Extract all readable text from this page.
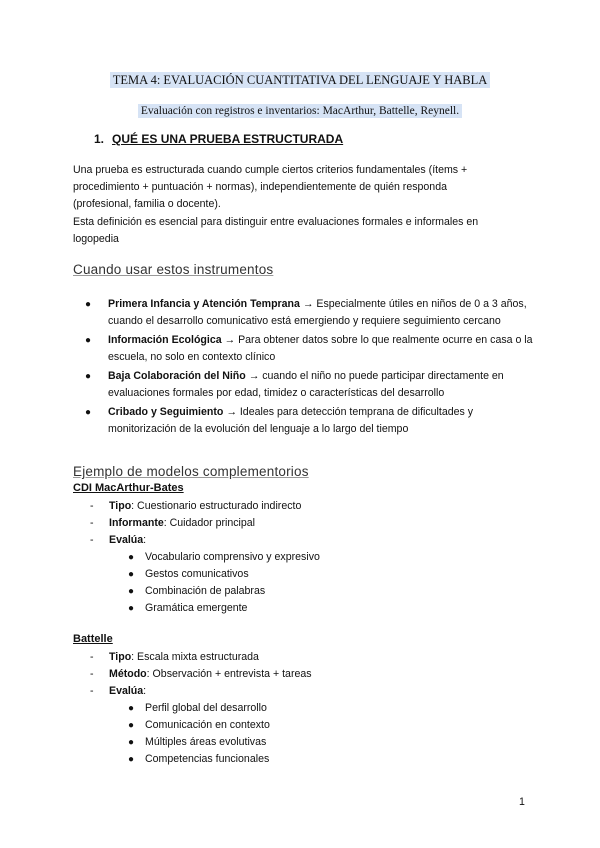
TEMA 4: EVALUACIÓN CUANTITATIVA DEL LENGUAJE Y HABLA
Evaluación con registros e inventarios: MacArthur, Battelle, Reynell.
1. QUÉ ES UNA PRUEBA ESTRUCTURADA

Una prueba es estructurada cuando cumple ciertos criterios fundamentales (ítems +
procedimiento + puntuación + normas), independientemente de quién responda
(profesional, familia o docente).
Esta definición es esencial para distinguir entre evaluaciones formales e informales en
logopedia

Cuando usar estos instrumentos
● Primera Infancia y Atención Temprana → Especialmente útiles en niños de 0 a 3 años, cuando el desarrollo comunicativo está emergiendo y requiere seguimiento cercano
● Información Ecológica → Para obtener datos sobre lo que realmente ocurre en casa o la escuela, no solo en contexto clínico
● Baja Colaboración del Niño → cuando el niño no puede participar directamente en evaluaciones formales por edad, timidez o características del desarrollo
● Cribado y Seguimiento → Ideales para detección temprana de dificultades y monitorización de la evolución del lenguaje a lo largo del tiempo
Ejemplo de modelos complementorios
CDI MacArthur-Bates
- Tipo: Cuestionario estructurado indirecto
- Informante: Cuidador principal
- Evalúa:
● Vocabulario comprensivo y expresivo
● Gestos comunicativos
● Combinación de palabras
● Gramática emergente
Battelle
- Tipo: Escala mixta estructurada
- Método: Observación + entrevista + tareas
- Evalúa:
● Perfil global del desarrollo
● Comunicación en contexto
● Múltiples áreas evolutivas
● Competencias funcionales
1
